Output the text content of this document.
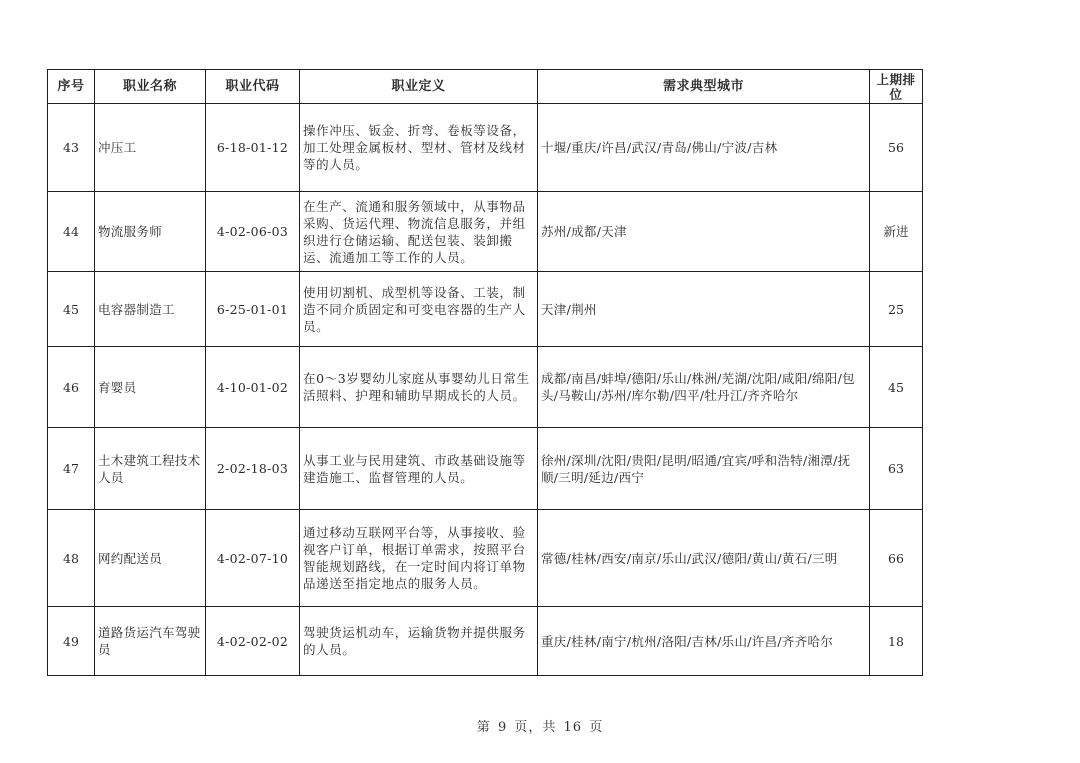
序号	职业名称	职业代码	职业定义	需求典型城市	上期排位
43	冲压工	6-18-01-12	操作冲压、钣金、折弯、卷板等设备，加工处理金属板材、型材、管材及线材等的人员。	十堰/重庆/许昌/武汉/青岛/佛山/宁波/吉林	56
44	物流服务师	4-02-06-03	在生产、流通和服务领域中，从事物品采购、货运代理、物流信息服务，并组织进行仓储运输、配送包装、装卸搬运、流通加工等工作的人员。	苏州/成都/天津	新进
45	电容器制造工	6-25-01-01	使用切割机、成型机等设备、工装，制造不同介质固定和可变电容器的生产人员。	天津/荆州	25
46	育婴员	4-10-01-02	在0～3岁婴幼儿家庭从事婴幼儿日常生活照料、护理和辅助早期成长的人员。	成都/南昌/蚌埠/德阳/乐山/株洲/芜湖/沈阳/咸阳/绵阳/包头/马鞍山/苏州/库尔勒/四平/牡丹江/齐齐哈尔	45
47	土木建筑工程技术人员	2-02-18-03	从事工业与民用建筑、市政基础设施等建造施工、监督管理的人员。	徐州/深圳/沈阳/贵阳/昆明/昭通/宜宾/呼和浩特/湘潭/抚顺/三明/延边/西宁	63
48	网约配送员	4-02-07-10	通过移动互联网平台等，从事接收、验视客户订单，根据订单需求，按照平台智能规划路线，在一定时间内将订单物品递送至指定地点的服务人员。	常德/桂林/西安/南京/乐山/武汉/德阳/黄山/黄石/三明	66
49	道路货运汽车驾驶员	4-02-02-02	驾驶货运机动车，运输货物并提供服务的人员。	重庆/桂林/南宁/杭州/洛阳/吉林/乐山/许昌/齐齐哈尔	18
第 9 页，共 16 页
